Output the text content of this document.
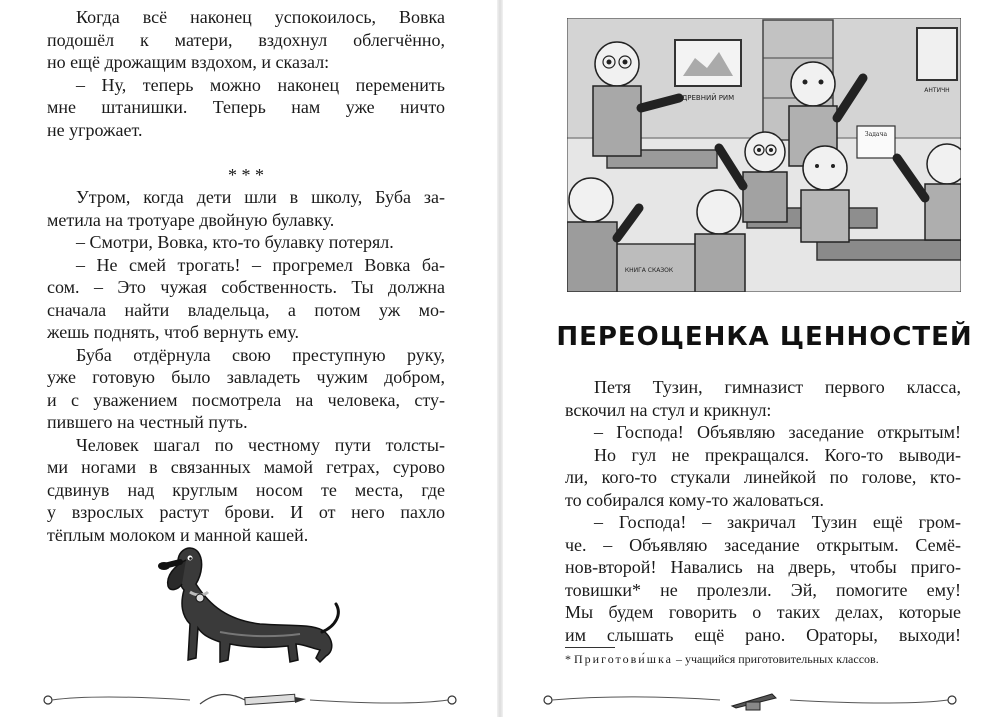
Когда всё наконец успокоилось, Вовка
подошёл к матери, вздохнул облегчённо,
но ещё дрожащим вздохом, и сказал:
– Ну, теперь можно наконец переменить
мне штанишки. Теперь нам уже ничто
не угрожает.
* * *
Утром, когда дети шли в школу, Буба за-
метила на тротуаре двойную булавку.
– Смотри, Вовка, кто-то булавку потерял.
– Не смей трогать! – прогремел Вовка ба-
сом. – Это чужая собственность. Ты должна
сначала найти владельца, а потом уж мо-
жешь поднять, чтоб вернуть ему.
Буба отдёрнула свою преступную руку,
уже готовую было завладеть чужим добром,
и с уважением посмотрела на человека, сту-
пившего на честный путь.
Человек шагал по честному пути толсты-
ми ногами в связанных мамой гетрах, сурово
сдвинув над круглым носом те места, где
у взрослых растут брови. И от него пахло
тёплым молоком и манной кашей.
ДРЕВНИЙ РИМ
АНТИЧН
КНИГА СКАЗОК
Задача
ПЕРЕОЦЕНКА ЦЕННОСТЕЙ
Петя Тузин, гимназист первого класса,
вскочил на стул и крикнул:
– Господа! Объявляю заседание открытым!
Но гул не прекращался. Кого-то выводи-
ли, кого-то стукали линейкой по голове, кто-
то собирался кому-то жаловаться.
– Господа! – закричал Тузин ещё гром-
че. – Объявляю заседание открытым. Семё-
нов-второй! Навались на дверь, чтобы приго-
товишки* не пролезли. Эй, помогите ему!
Мы будем говорить о таких делах, которые
им слышать ещё рано. Ораторы, выходи!
* Приготови́шка – учащийся приготовительных классов.
